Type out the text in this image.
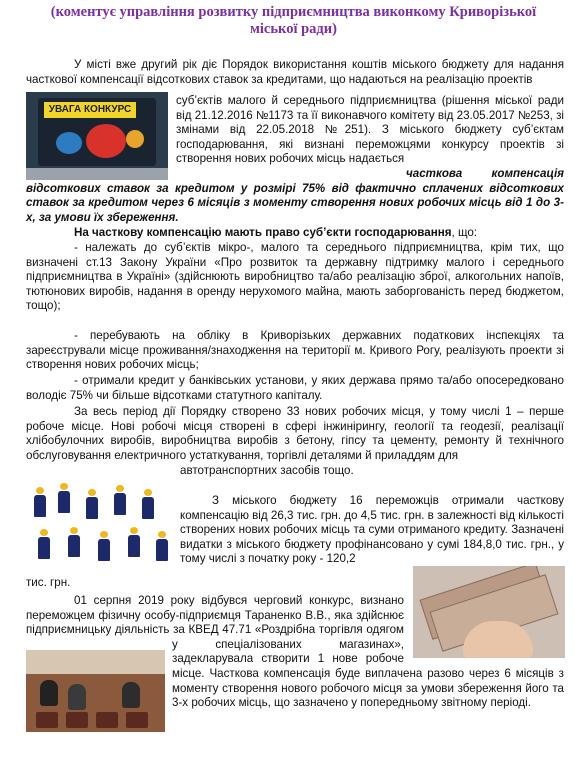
(коментує управління розвитку підприємництва виконкому Криворізької міської ради)
УВАГА КОНКУРС

У місті вже другий рік діє Порядок використання коштів міського бюджету для надання часткової компенсації відсоткових ставок за кредитами, що надаються на реалізацію проектів

суб’єктів малого й середнього підприємництва (рішення міської ради від 21.12.2016 №1173 та її виконавчого комітету від 23.05.2017 №253, зі змінами від 22.05.2018 №251). З міського бюджету суб’єктам господарювання, які визнані переможцями конкурсу проектів зі створення нових робочих місць надається

часткова компенсація відсоткових ставок за кредитом у розмірі 75% від фактично сплачених відсоткових ставок за кредитом через 6 місяців з моменту створення нових робочих місць від 1 до 3-х, за умови їх збереження.

На часткову компенсацію мають право суб’єкти господарювання, що:

- належать до суб’єктів мікро-, малого та середнього підприємництва, крім тих, що визначені ст.13 Закону України «Про розвиток та державну підтримку малого і середнього підприємництва в Україні» (здійснюють виробництво та/або реалізацію зброї, алкогольних напоїв, тютюнових виробів, надання в оренду нерухомого майна, мають заборгованість перед бюджетом, тощо);

- перебувають на обліку в Криворізьких державних податкових інспекціях та зареєстрували місце проживання/знаходження на території м. Кривого Рогу, реалізують проекти зі створення нових робочих місць;

- отримали кредит у банківських установи, у яких держава прямо та/або опосередковано володіє 75% чи більше відсотками статутного капіталу.

За весь період дії Порядку створено 33 нових робочих місця, у тому числі 1 – перше робоче місце. Нові робочі місця створені в сфері інжинірингу, геології та геодезії, реалізації хлібобулочних виробів, виробництва виробів з бетону, гіпсу та цементу, ремонту й технічного обслуговування електричного устаткування, торгівлі деталями й приладдям для

автотранспортних засобів тощо.

З міського бюджету 16 переможців отримали часткову компенсацію від 26,3 тис. грн. до 4,5 тис. грн. в залежності від кількості створених нових робочих місць та суми отриманого кредиту. Зазначені видатки з міського бюджету профінансовано у сумі 184,8,0 тис. грн., у тому числі з початку року - 120,2

тис. грн.

01 серпня 2019 року відбувся черговий конкурс, визнано переможцем фізичну особу-підприємця Тараненко В.В., яка здійснює підприємницьку діяльність за КВЕД 47.71 «Роздрібна торгівля одягом у спеціалізованих магазинах», задекларувала створити 1 нове робоче місце. Часткова компенсація буде виплачена разово через 6 місяців з моменту створення нового робочого місця за умови збереження його та 3-х робочих місць, що зазначено у попередньому звітному періоді.
